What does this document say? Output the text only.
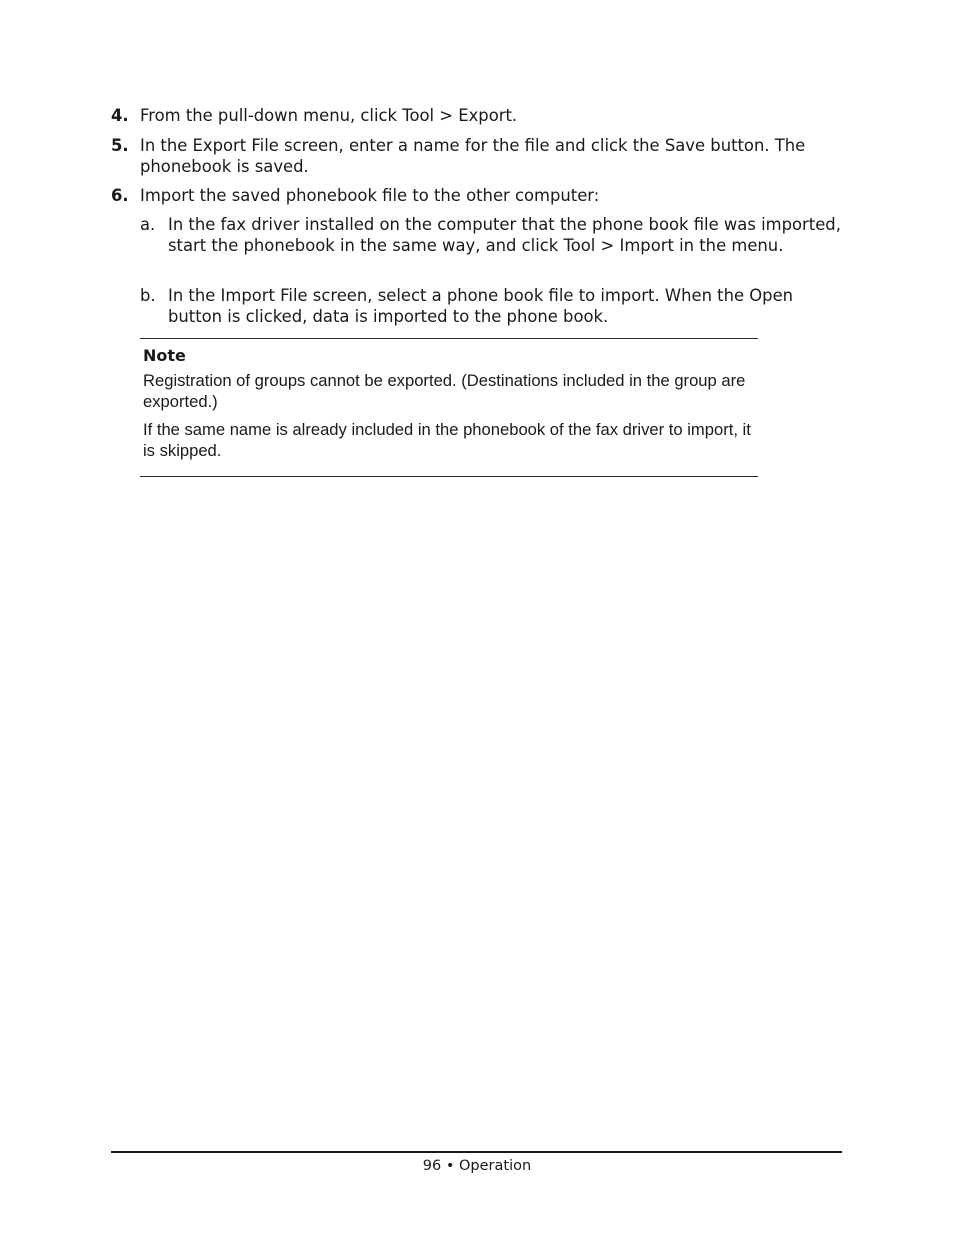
4. From the pull-down menu, click Tool > Export.
5. In the Export File screen, enter a name for the file and click the Save button. The phonebook is saved.
6. Import the saved phonebook file to the other computer:
a. In the fax driver installed on the computer that the phone book file was imported, start the phonebook in the same way, and click Tool > Import in the menu.
b. In the Import File screen, select a phone book file to import. When the Open button is clicked, data is imported to the phone book.
Note
Registration of groups cannot be exported. (Destinations included in the group are exported.)
If the same name is already included in the phonebook of the fax driver to import, it is skipped.
96 • Operation
